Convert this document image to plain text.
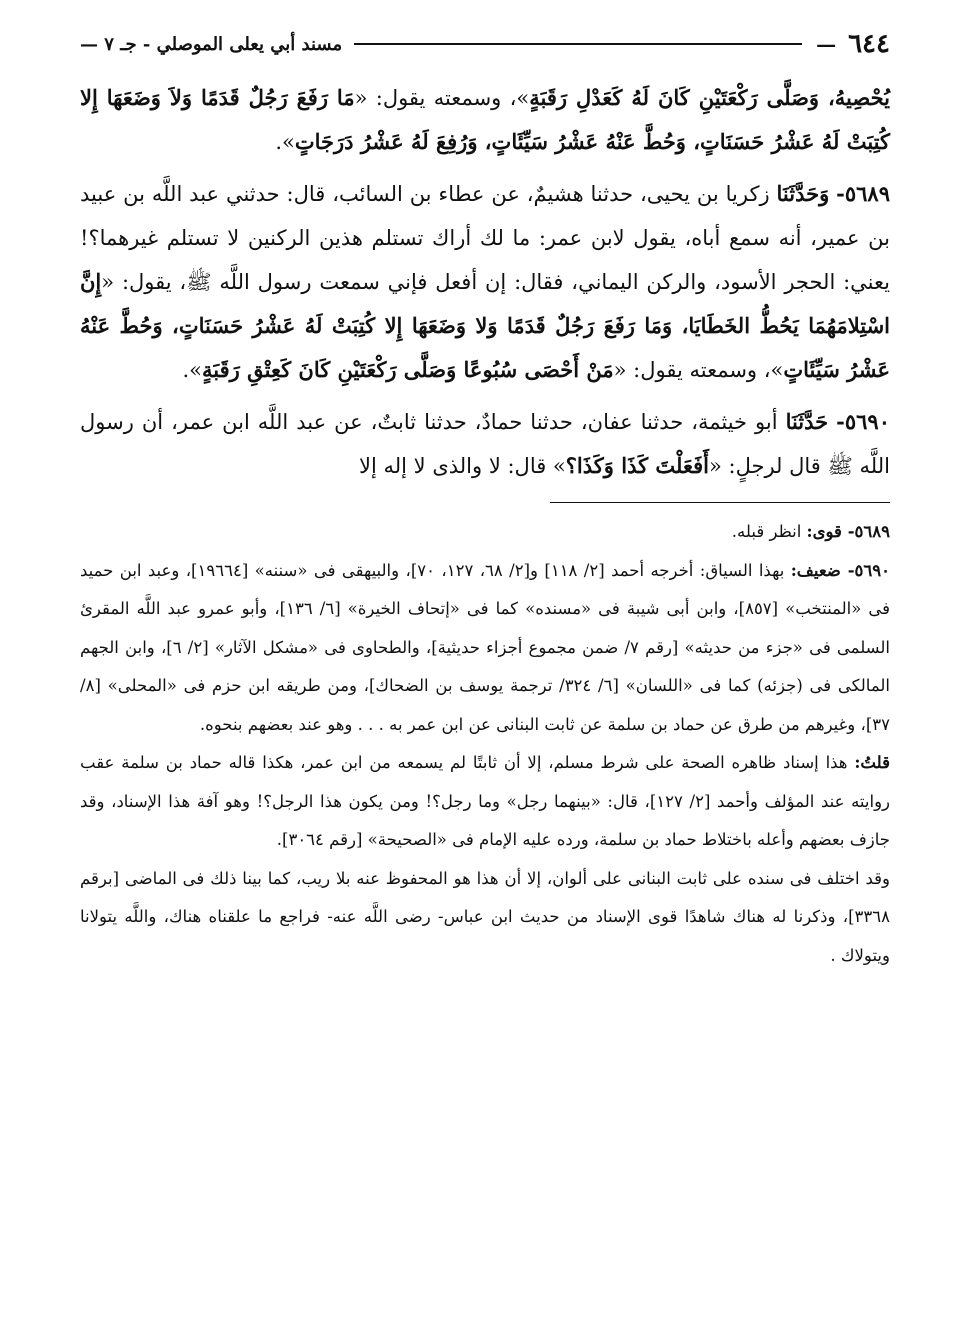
٦٤٤
—
مسند أبي يعلى الموصلي - جـ ٧ —

يُحْصِيهُ، وَصَلَّى رَكْعَتَيْنِ كَانَ لَهُ كَعَدْلِ رَقَبَةٍ»، وسمعته يقول: «مَا رَفَعَ رَجُلٌ قَدَمًا وَلاَ وَضَعَهَا إِلا كُتِبَتْ لَهُ عَشْرُ حَسَنَاتٍ، وَحُطَّ عَنْهُ عَشْرُ سَيِّئَاتٍ، وَرُفِعَ لَهُ عَشْرُ دَرَجَاتٍ».

٥٦٨٩- وَحَدَّثَنَا زكريا بن يحيى، حدثنا هشيمٌ، عن عطاء بن السائب، قال: حدثني عبد اللَّه بن عبيد بن عمير، أنه سمع أباه، يقول لابن عمر: ما لك أراك تستلم هذين الركنين لا تستلم غيرهما؟! يعني: الحجر الأسود، والركن اليماني، فقال: إن أفعل فإني سمعت رسول اللَّه ﷺ، يقول: «إِنَّ اسْتِلامَهُمَا يَحُطُّ الخَطَايَا، وَمَا رَفَعَ رَجُلٌ قَدَمًا وَلا وَضَعَهَا إِلا كُتِبَتْ لَهُ عَشْرُ حَسَنَاتٍ، وَحُطَّ عَنْهُ عَشْرُ سَيِّئَاتٍ»، وسمعته يقول: «مَنْ أَحْصَى سُبُوعًا وَصَلَّى رَكْعَتَيْنِ كَانَ كَعِتْقِ رَقَبَةٍ».

٥٦٩٠- حَدَّثَنَا أبو خيثمة، حدثنا عفان، حدثنا حمادٌ، حدثنا ثابتٌ، عن عبد اللَّه ابن عمر، أن رسول اللَّه ﷺ قال لرجلٍ: «أَفَعَلْتَ كَذَا وَكَذَا؟» قال: لا والذى لا إله إلا

٥٦٨٩- قوى: انظر قبله.

٥٦٩٠- ضعيف: بهذا السياق: أخرجه أحمد [٢/ ١١٨] و[٢/ ٦٨، ١٢٧، ٧٠]، والبيهقى فى «سننه» [١٩٦٦٤]، وعبد ابن حميد فى «المنتخب» [٨٥٧]، وابن أبى شيبة فى «مسنده» كما فى «إتحاف الخيرة» [٦/ ١٣٦]، وأبو عمرو عبد اللَّه المقرئ السلمى فى «جزء من حديثه» [رقم ٧/ ضمن مجموع أجزاء حديثية]، والطحاوى فى «مشكل الآثار» [٢/ ٦]، وابن الجهم المالكى فى (جزئه) كما فى «اللسان» [٦/ ٣٢٤/ ترجمة يوسف بن الضحاك]، ومن طريقه ابن حزم فى «المحلى» [٨/ ٣٧]، وغيرهم من طرق عن حماد بن سلمة عن ثابت البنانى عن ابن عمر به . . . وهو عند بعضهم بنحوه.

قلتُ: هذا إسناد ظاهره الصحة على شرط مسلم، إلا أن ثابتًا لم يسمعه من ابن عمر، هكذا قاله حماد بن سلمة عقب روايته عند المؤلف وأحمد [٢/ ١٢٧]، قال: «بينهما رجل» وما رجل؟! ومن يكون هذا الرجل؟! وهو آفة هذا الإسناد، وقد جازف بعضهم وأعله باختلاط حماد بن سلمة، ورده عليه الإمام فى «الصحيحة» [رقم ٣٠٦٤].

وقد اختلف فى سنده على ثابت البنانى على ألوان، إلا أن هذا هو المحفوظ عنه بلا ريب، كما بينا ذلك فى الماضى [برقم ٣٣٦٨]، وذكرنا له هناك شاهدًا قوى الإسناد من حديث ابن عباس- رضى اللَّه عنه- فراجع ما علقناه هناك، واللَّه يتولانا ويتولاك .
